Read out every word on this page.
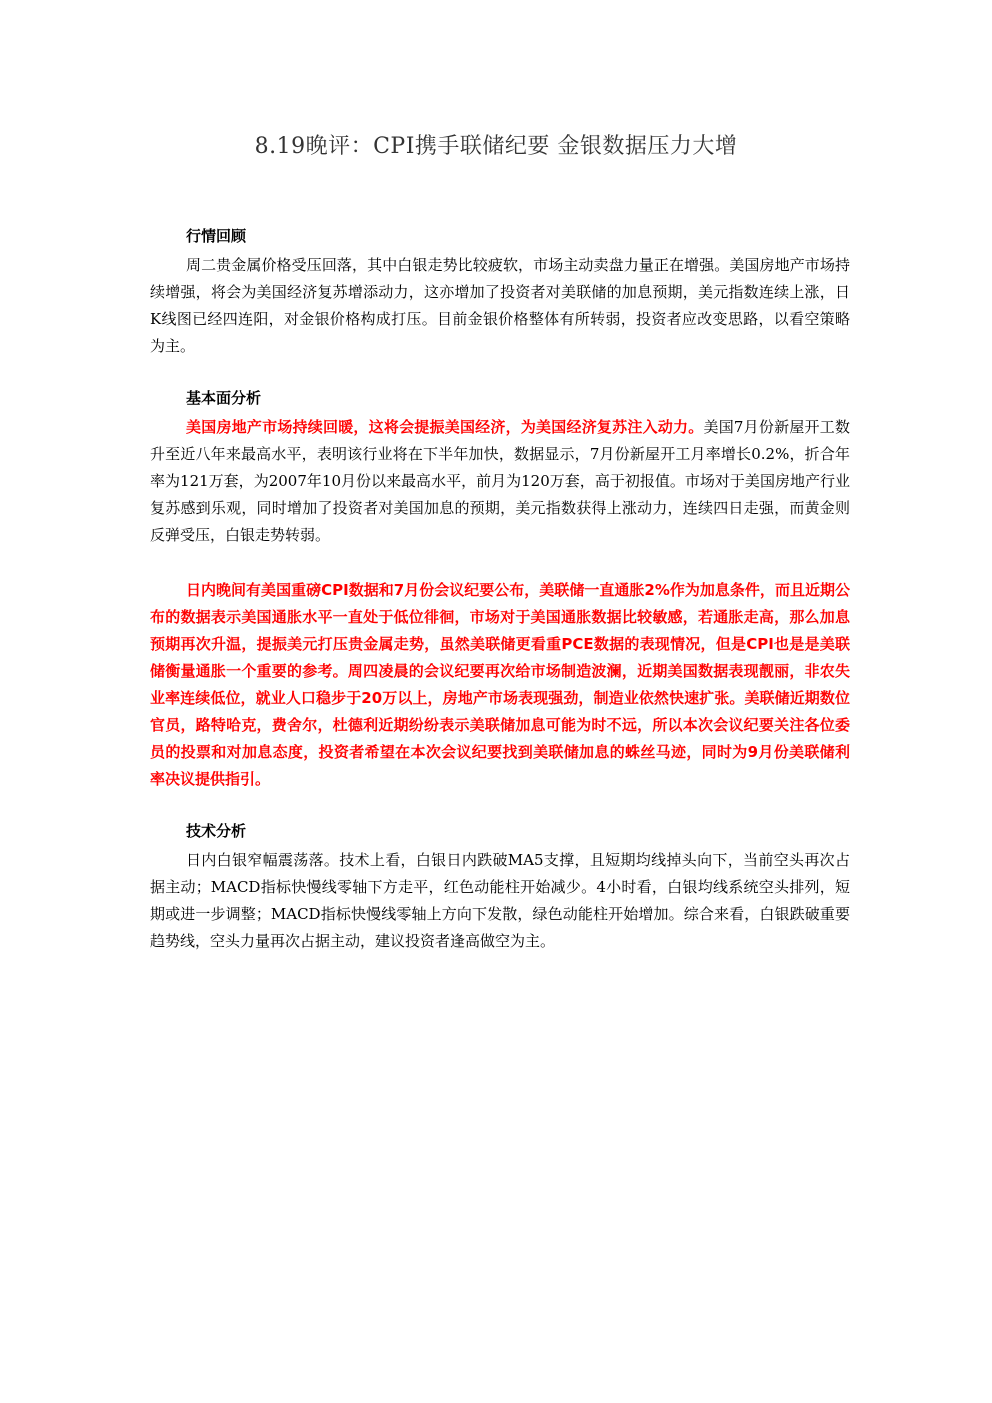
8.19晚评：CPI携手联储纪要 金银数据压力大增
行情回顾

周二贵金属价格受压回落，其中白银走势比较疲软，市场主动卖盘力量正在增强。美国房地产市场持续增强，将会为美国经济复苏增添动力，这亦增加了投资者对美联储的加息预期，美元指数连续上涨，日K线图已经四连阳，对金银价格构成打压。目前金银价格整体有所转弱，投资者应改变思路，以看空策略为主。

基本面分析

美国房地产市场持续回暖，这将会提振美国经济，为美国经济复苏注入动力。美国7月份新屋开工数升至近八年来最高水平，表明该行业将在下半年加快，数据显示，7月份新屋开工月率增长0.2%，折合年率为121万套，为2007年10月份以来最高水平，前月为120万套，高于初报值。市场对于美国房地产行业复苏感到乐观，同时增加了投资者对美国加息的预期，美元指数获得上涨动力，连续四日走强，而黄金则反弹受压，白银走势转弱。

日内晚间有美国重磅CPI数据和7月份会议纪要公布，美联储一直通胀2%作为加息条件，而且近期公布的数据表示美国通胀水平一直处于低位徘徊，市场对于美国通胀数据比较敏感，若通胀走高，那么加息预期再次升温，提振美元打压贵金属走势，虽然美联储更看重PCE数据的表现情况，但是CPI也是是美联储衡量通胀一个重要的参考。周四凌晨的会议纪要再次给市场制造波澜，近期美国数据表现靓丽，非农失业率连续低位，就业人口稳步于20万以上，房地产市场表现强劲，制造业依然快速扩张。美联储近期数位官员，路特哈克，费舍尔，杜德利近期纷纷表示美联储加息可能为时不远，所以本次会议纪要关注各位委员的投票和对加息态度，投资者希望在本次会议纪要找到美联储加息的蛛丝马迹，同时为9月份美联储利率决议提供指引。

技术分析

日内白银窄幅震荡落。技术上看，白银日内跌破MA5支撑，且短期均线掉头向下，当前空头再次占据主动；MACD指标快慢线零轴下方走平，红色动能柱开始减少。4小时看，白银均线系统空头排列，短期或进一步调整；MACD指标快慢线零轴上方向下发散，绿色动能柱开始增加。综合来看，白银跌破重要趋势线，空头力量再次占据主动，建议投资者逢高做空为主。
